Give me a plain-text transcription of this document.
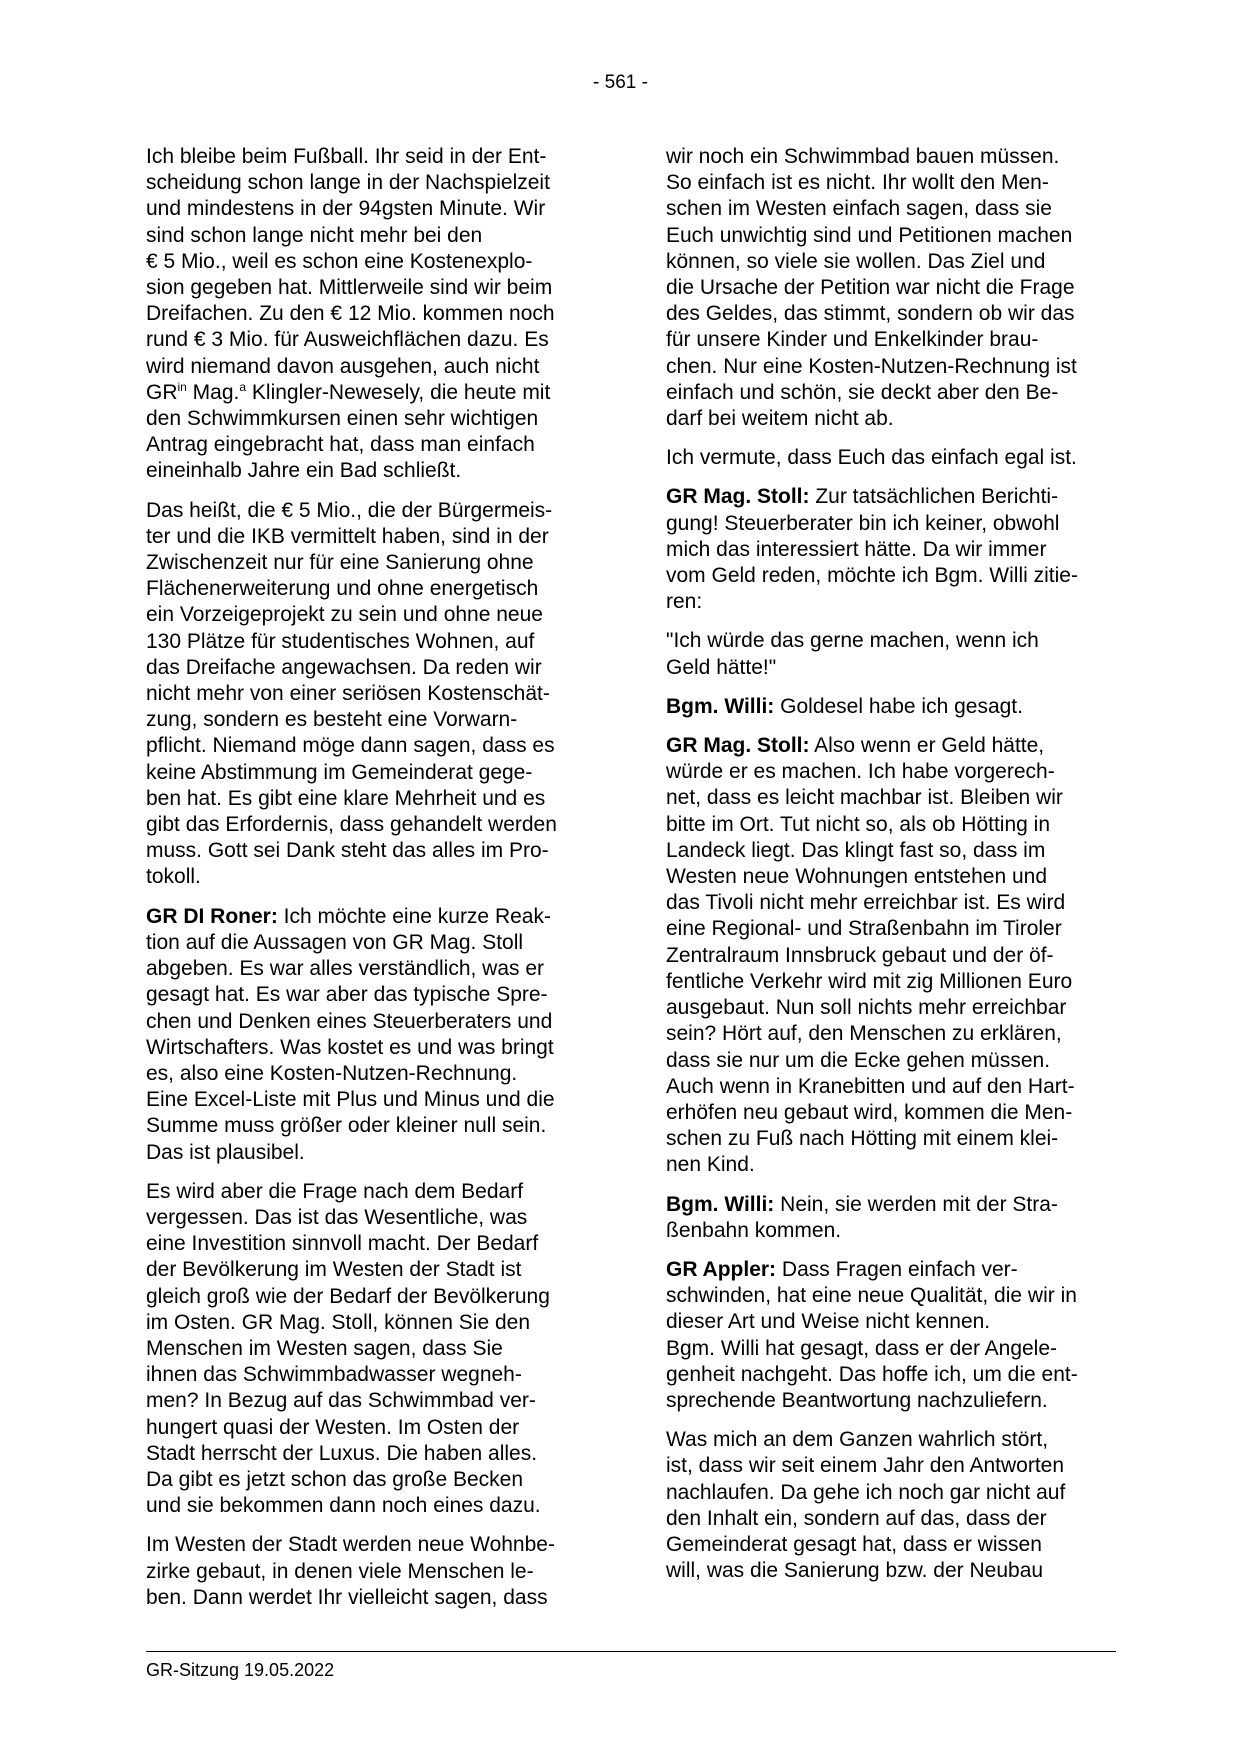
- 561 -
Ich bleibe beim Fußball. Ihr seid in der Ent-
scheidung schon lange in der Nachspielzeit
und mindestens in der 94gsten Minute. Wir
sind schon lange nicht mehr bei den
€ 5 Mio., weil es schon eine Kostenexplo-
sion gegeben hat. Mittlerweile sind wir beim
Dreifachen. Zu den € 12 Mio. kommen noch
rund € 3 Mio. für Ausweichflächen dazu. Es
wird niemand davon ausgehen, auch nicht
$GR^{in}$ Mag.$^a$ Klingler-Newesely, die heute mit
den Schwimmkursen einen sehr wichtigen
Antrag eingebracht hat, dass man einfach
eineinhalb Jahre ein Bad schließt.
Das heißt, die € 5 Mio., die der Bürgermeis-
ter und die IKB vermittelt haben, sind in der
Zwischenzeit nur für eine Sanierung ohne
Flächenerweiterung und ohne energetisch
ein Vorzeigeprojekt zu sein und ohne neue
130 Plätze für studentisches Wohnen, auf
das Dreifache angewachsen. Da reden wir
nicht mehr von einer seriösen Kostenschät-
zung, sondern es besteht eine Vorwarn-
pflicht. Niemand möge dann sagen, dass es
keine Abstimmung im Gemeinderat gege-
ben hat. Es gibt eine klare Mehrheit und es
gibt das Erfordernis, dass gehandelt werden
muss. Gott sei Dank steht das alles im Pro-
tokoll.
GR DI Roner: Ich möchte eine kurze Reak-
tion auf die Aussagen von GR Mag. Stoll
abgeben. Es war alles verständlich, was er
gesagt hat. Es war aber das typische Spre-
chen und Denken eines Steuerberaters und
Wirtschafters. Was kostet es und was bringt
es, also eine Kosten-Nutzen-Rechnung.
Eine Excel-Liste mit Plus und Minus und die
Summe muss größer oder kleiner null sein.
Das ist plausibel.
Es wird aber die Frage nach dem Bedarf
vergessen. Das ist das Wesentliche, was
eine Investition sinnvoll macht. Der Bedarf
der Bevölkerung im Westen der Stadt ist
gleich groß wie der Bedarf der Bevölkerung
im Osten. GR Mag. Stoll, können Sie den
Menschen im Westen sagen, dass Sie
ihnen das Schwimmbadwasser wegneh-
men? In Bezug auf das Schwimmbad ver-
hungert quasi der Westen. Im Osten der
Stadt herrscht der Luxus. Die haben alles.
Da gibt es jetzt schon das große Becken
und sie bekommen dann noch eines dazu.
Im Westen der Stadt werden neue Wohnbe-
zirke gebaut, in denen viele Menschen le-
ben. Dann werdet Ihr vielleicht sagen, dass
wir noch ein Schwimmbad bauen müssen.
So einfach ist es nicht. Ihr wollt den Men-
schen im Westen einfach sagen, dass sie
Euch unwichtig sind und Petitionen machen
können, so viele sie wollen. Das Ziel und
die Ursache der Petition war nicht die Frage
des Geldes, das stimmt, sondern ob wir das
für unsere Kinder und Enkelkinder brau-
chen. Nur eine Kosten-Nutzen-Rechnung ist
einfach und schön, sie deckt aber den Be-
darf bei weitem nicht ab.
Ich vermute, dass Euch das einfach egal ist.
GR Mag. Stoll: Zur tatsächlichen Berichti-
gung! Steuerberater bin ich keiner, obwohl
mich das interessiert hätte. Da wir immer
vom Geld reden, möchte ich Bgm. Willi zitie-
ren:
"Ich würde das gerne machen, wenn ich
Geld hätte!"
Bgm. Willi: Goldesel habe ich gesagt.
GR Mag. Stoll: Also wenn er Geld hätte,
würde er es machen. Ich habe vorgerech-
net, dass es leicht machbar ist. Bleiben wir
bitte im Ort. Tut nicht so, als ob Hötting in
Landeck liegt. Das klingt fast so, dass im
Westen neue Wohnungen entstehen und
das Tivoli nicht mehr erreichbar ist. Es wird
eine Regional- und Straßenbahn im Tiroler
Zentralraum Innsbruck gebaut und der öf-
fentliche Verkehr wird mit zig Millionen Euro
ausgebaut. Nun soll nichts mehr erreichbar
sein? Hört auf, den Menschen zu erklären,
dass sie nur um die Ecke gehen müssen.
Auch wenn in Kranebitten und auf den Hart-
erhöfen neu gebaut wird, kommen die Men-
schen zu Fuß nach Hötting mit einem klei-
nen Kind.
Bgm. Willi: Nein, sie werden mit der Stra-
ßenbahn kommen.
GR Appler: Dass Fragen einfach ver-
schwinden, hat eine neue Qualität, die wir in
dieser Art und Weise nicht kennen.
Bgm. Willi hat gesagt, dass er der Angele-
genheit nachgeht. Das hoffe ich, um die ent-
sprechende Beantwortung nachzuliefern.
Was mich an dem Ganzen wahrlich stört,
ist, dass wir seit einem Jahr den Antworten
nachlaufen. Da gehe ich noch gar nicht auf
den Inhalt ein, sondern auf das, dass der
Gemeinderat gesagt hat, dass er wissen
will, was die Sanierung bzw. der Neubau
GR-Sitzung 19.05.2022
